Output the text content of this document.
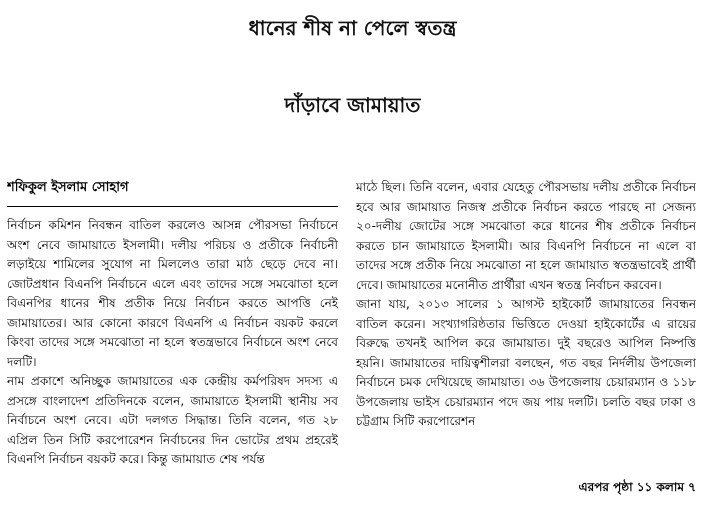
ধানের শীষ না পেলে স্বতন্ত্র
দাঁড়াবে জামায়াত
শফিকুল ইসলাম সোহাগ

নির্বাচন কমিশন নিবন্ধন বাতিল করলেও আসন্ন পৌরসভা নির্বাচনে অংশ নেবে জামায়াতে ইসলামী। দলীয় পরিচয় ও প্রতীকে নির্বাচনী লড়াইয়ে শামিলের সুযোগ না মিললেও তারা মাঠ ছেড়ে দেবে না। জোটপ্রধান বিএনপি নির্বাচনে এলে এবং তাদের সঙ্গে সমঝোতা হলে বিএনপির ধানের শীষ প্রতীক নিয়ে নির্বাচন করতে আপত্তি নেই জামায়াতের। আর কোনো কারণে বিএনপি এ নির্বাচন বয়কট করলে কিংবা তাদের সঙ্গে সমঝোতা না হলে স্বতন্ত্রভাবে নির্বাচনে অংশ নেবে দলটি।

নাম প্রকাশে অনিচ্ছুক জামায়াতের এক কেন্দ্রীয় কর্মপরিষদ সদস্য এ প্রসঙ্গে বাংলাদেশ প্রতিদিনকে বলেন, জামায়াতে ইসলামী স্থানীয় সব নির্বাচনে অংশ নেবে। এটা দলগত সিদ্ধান্ত। তিনি বলেন, গত ২৮ এপ্রিল তিন সিটি করপোরেশন নির্বাচনের দিন ভোটের প্রথম প্রহরেই বিএনপি নির্বাচন বয়কট করে। কিন্তু জামায়াত শেষ পর্যন্ত

মাঠে ছিল। তিনি বলেন, এবার যেহেতু পৌরসভায় দলীয় প্রতীকে নির্বাচন হবে আর জামায়াত নিজস্ব প্রতীকে নির্বাচন করতে পারছে না সেজন্য ২০-দলীয় জোটের সঙ্গে সমঝোতা করে ধানের শীষ প্রতীকে নির্বাচন করতে চান জামায়াতে ইসলামী। আর বিএনপি নির্বাচনে না এলে বা তাদের সঙ্গে প্রতীক নিয়ে সমঝোতা না হলে জামায়াত স্বতন্ত্রভাবেই প্রার্থী দেবে। জামায়াতের মনোনীত প্রার্থীরা এখন স্বতন্ত্র নির্বাচন করবেন।

জানা যায়, ২০১৩ সালের ১ আগস্ট হাইকোর্ট জামায়াতের নিবন্ধন বাতিল করেন। সংখ্যাগরিষ্ঠতার ভিত্তিতে দেওয়া হাইকোর্টের এ রায়ের বিরুদ্ধে তখনই আপিল করে জামায়াত। দুই বছরেও আপিল নিষ্পত্তি হয়নি। জামায়াতের দায়িত্বশীলরা বলছেন, গত বছর নির্দলীয় উপজেলা নির্বাচনে চমক দেখিয়েছে জামায়াত। ৩৬ উপজেলায় চেয়ারম্যান ও ১১৮ উপজেলায় ভাইস চেয়ারম্যান পদে জয় পায় দলটি। চলতি বছর ঢাকা ও চট্টগ্রাম সিটি করপোরেশন

এরপর পৃষ্ঠা ১১ কলাম ৭
